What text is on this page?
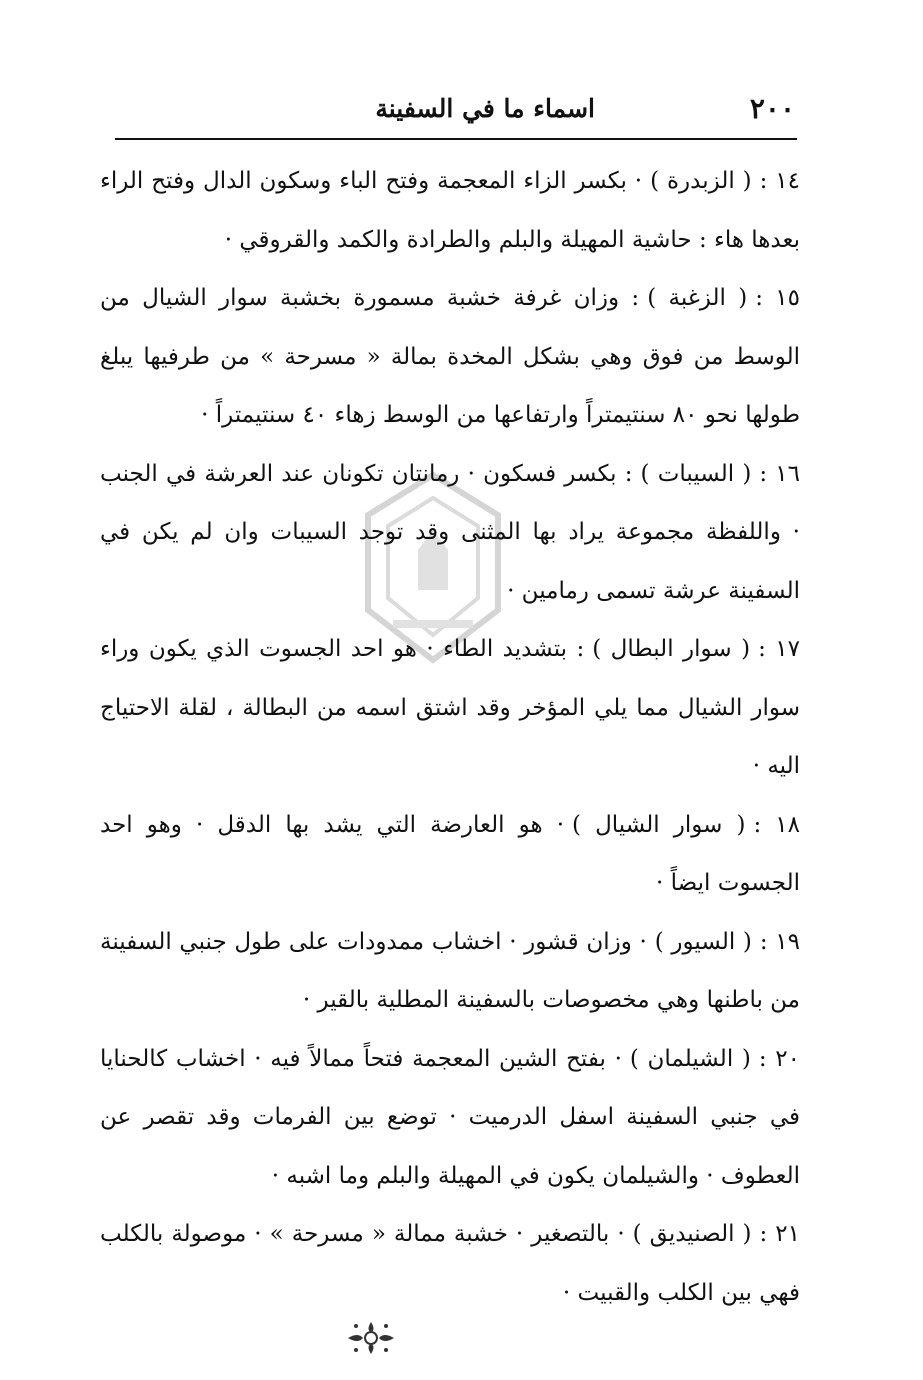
٢٠٠
اسماء ما في السفينة

١٤ :( الزبدرة )· بكسر الزاء المعجمة وفتح الباء وسكون الدال وفتح الراء بعدها هاء : حاشية المهيلة والبلم والطرادة والكمد والقروقي ·

١٥ :( الزغبة ): وزان غرفة خشبة مسمورة بخشبة سوار الشيال من الوسط من فوق وهي بشكل المخدة بمالة « مسرحة » من طرفيها يبلغ طولها نحو ٨٠ سنتيمتراً وارتفاعها من الوسط زهاء ٤٠ سنتيمتراً ·

١٦ :( السيبات ): بكسر فسكون · رمانتان تكونان عند العرشة في الجنب · واللفظة مجموعة يراد بها المثنى وقد توجد السيبات وان لم يكن في السفينة عرشة تسمى رمامين ·

١٧ :( سوار البطال ): بتشديد الطاء · هو احد الجسوت الذي يكون وراء سوار الشيال مما يلي المؤخر وقد اشتق اسمه من البطالة ، لقلة الاحتياج اليه ·

١٨ :( سوار الشيال )· هو العارضة التي يشد بها الدقل · وهو احد الجسوت ايضاً ·

١٩ :( السيور )· وزان قشور · اخشاب ممدودات على طول جنبي السفينة من باطنها وهي مخصوصات بالسفينة المطلية بالقير ·

٢٠ :( الشيلمان )· بفتح الشين المعجمة فتحاً ممالاً فيه · اخشاب كالحنايا في جنبي السفينة اسفل الدرميت · توضع بين الفرمات وقد تقصر عن العطوف · والشيلمان يكون في المهيلة والبلم وما اشبه ·

٢١ :( الصنيديق )· بالتصغير · خشبة ممالة « مسرحة » · موصولة بالكلب فهي بين الكلب والقبيت ·
